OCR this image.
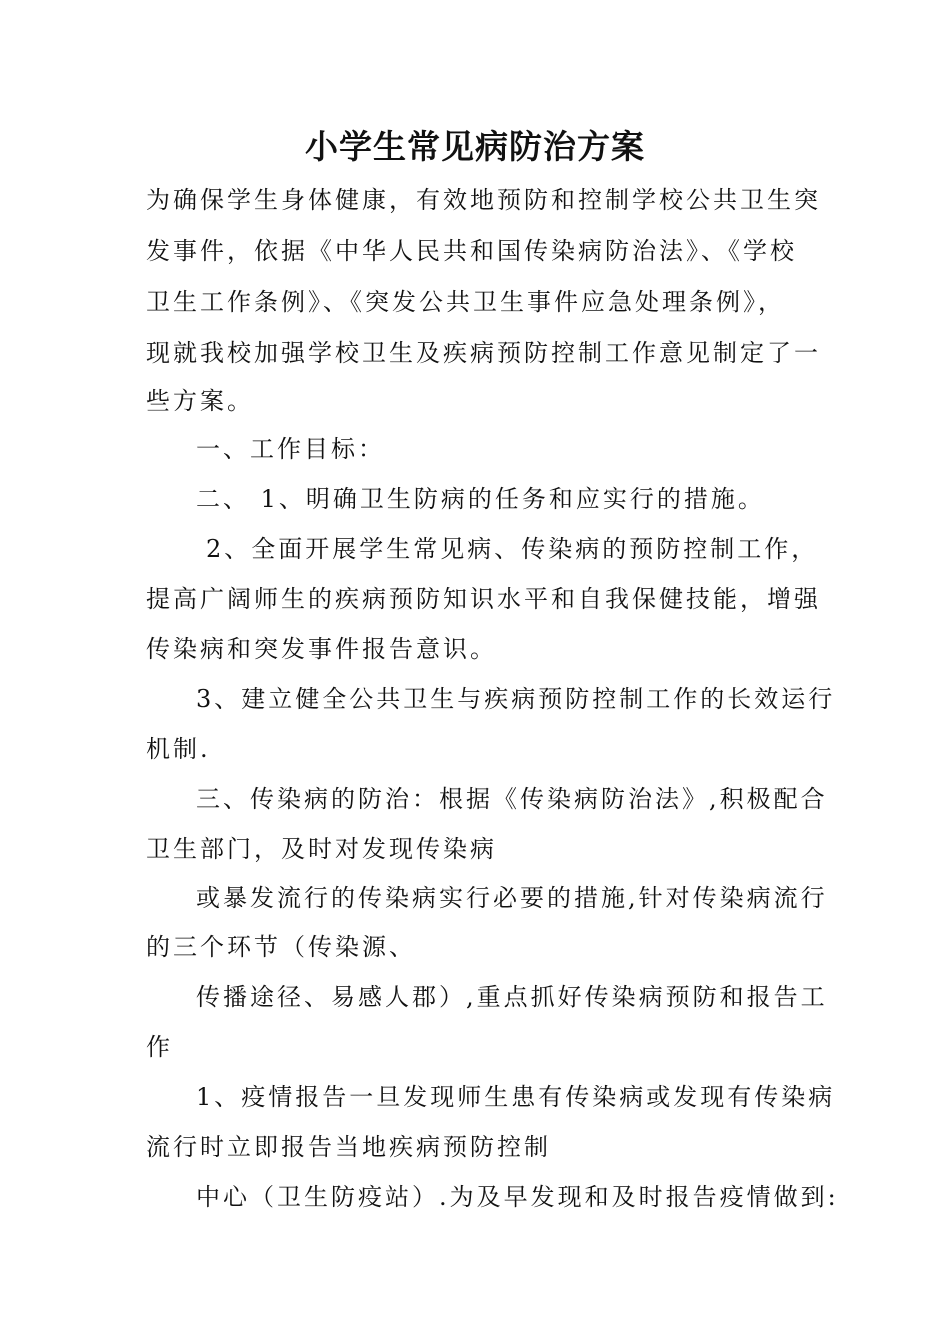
小学生常见病防治方案
为确保学生身体健康，有效地预防和控制学校公共卫生突
发事件，依据《中华人民共和国传染病防治法》、《学校
卫生工作条例》、《突发公共卫生事件应急处理条例》，
现就我校加强学校卫生及疾病预防控制工作意见制定了一
些方案。
一、工作目标：
二、 1、明确卫生防病的任务和应实行的措施。
2、全面开展学生常见病、传染病的预防控制工作，
提高广阔师生的疾病预防知识水平和自我保健技能，增强
传染病和突发事件报告意识。
3、建立健全公共卫生与疾病预防控制工作的长效运行
机制.
三、传染病的防治：根据《传染病防治法》,积极配合
卫生部门，及时对发现传染病
或暴发流行的传染病实行必要的措施,针对传染病流行
的三个环节（传染源、
传播途径、易感人郡）,重点抓好传染病预防和报告工
作
1、疫情报告一旦发现师生患有传染病或发现有传染病
流行时立即报告当地疾病预防控制
中心（卫生防疫站）.为及早发现和及时报告疫情做到:
